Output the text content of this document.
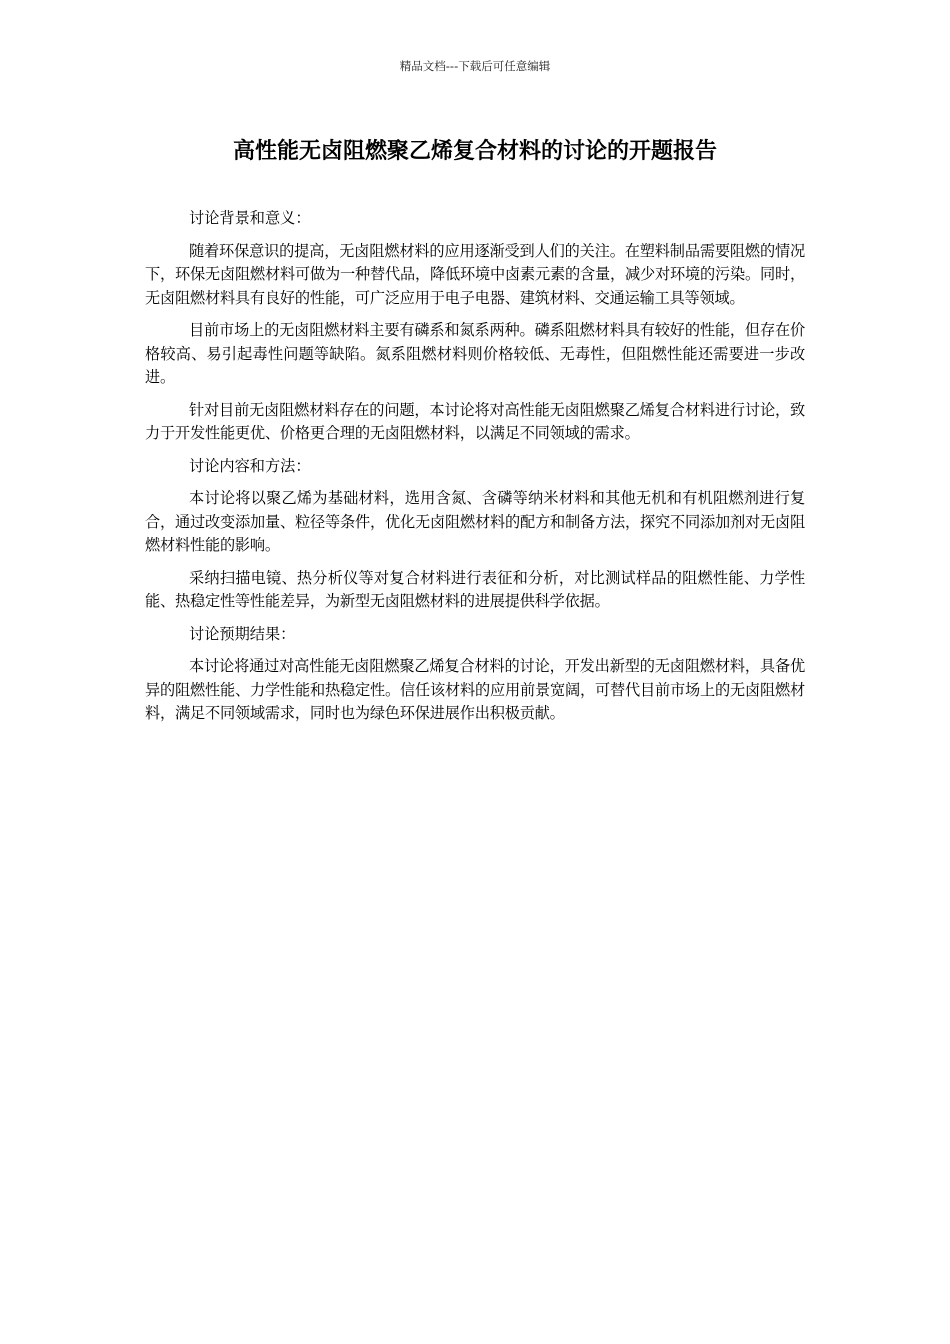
精品文档---下载后可任意编辑
高性能无卤阻燃聚乙烯复合材料的讨论的开题报告

讨论背景和意义：

随着环保意识的提高，无卤阻燃材料的应用逐渐受到人们的关注。在塑料制品需要阻燃的情况下，环保无卤阻燃材料可做为一种替代品，降低环境中卤素元素的含量，减少对环境的污染。同时，无卤阻燃材料具有良好的性能，可广泛应用于电子电器、建筑材料、交通运输工具等领域。

目前市场上的无卤阻燃材料主要有磷系和氮系两种。磷系阻燃材料具有较好的性能，但存在价格较高、易引起毒性问题等缺陷。氮系阻燃材料则价格较低、无毒性，但阻燃性能还需要进一步改进。

针对目前无卤阻燃材料存在的问题，本讨论将对高性能无卤阻燃聚乙烯复合材料进行讨论，致力于开发性能更优、价格更合理的无卤阻燃材料，以满足不同领域的需求。

讨论内容和方法：

本讨论将以聚乙烯为基础材料，选用含氮、含磷等纳米材料和其他无机和有机阻燃剂进行复合，通过改变添加量、粒径等条件，优化无卤阻燃材料的配方和制备方法，探究不同添加剂对无卤阻燃材料性能的影响。

采纳扫描电镜、热分析仪等对复合材料进行表征和分析，对比测试样品的阻燃性能、力学性能、热稳定性等性能差异，为新型无卤阻燃材料的进展提供科学依据。

讨论预期结果：

本讨论将通过对高性能无卤阻燃聚乙烯复合材料的讨论，开发出新型的无卤阻燃材料，具备优异的阻燃性能、力学性能和热稳定性。信任该材料的应用前景宽阔，可替代目前市场上的无卤阻燃材料，满足不同领域需求，同时也为绿色环保进展作出积极贡献。
